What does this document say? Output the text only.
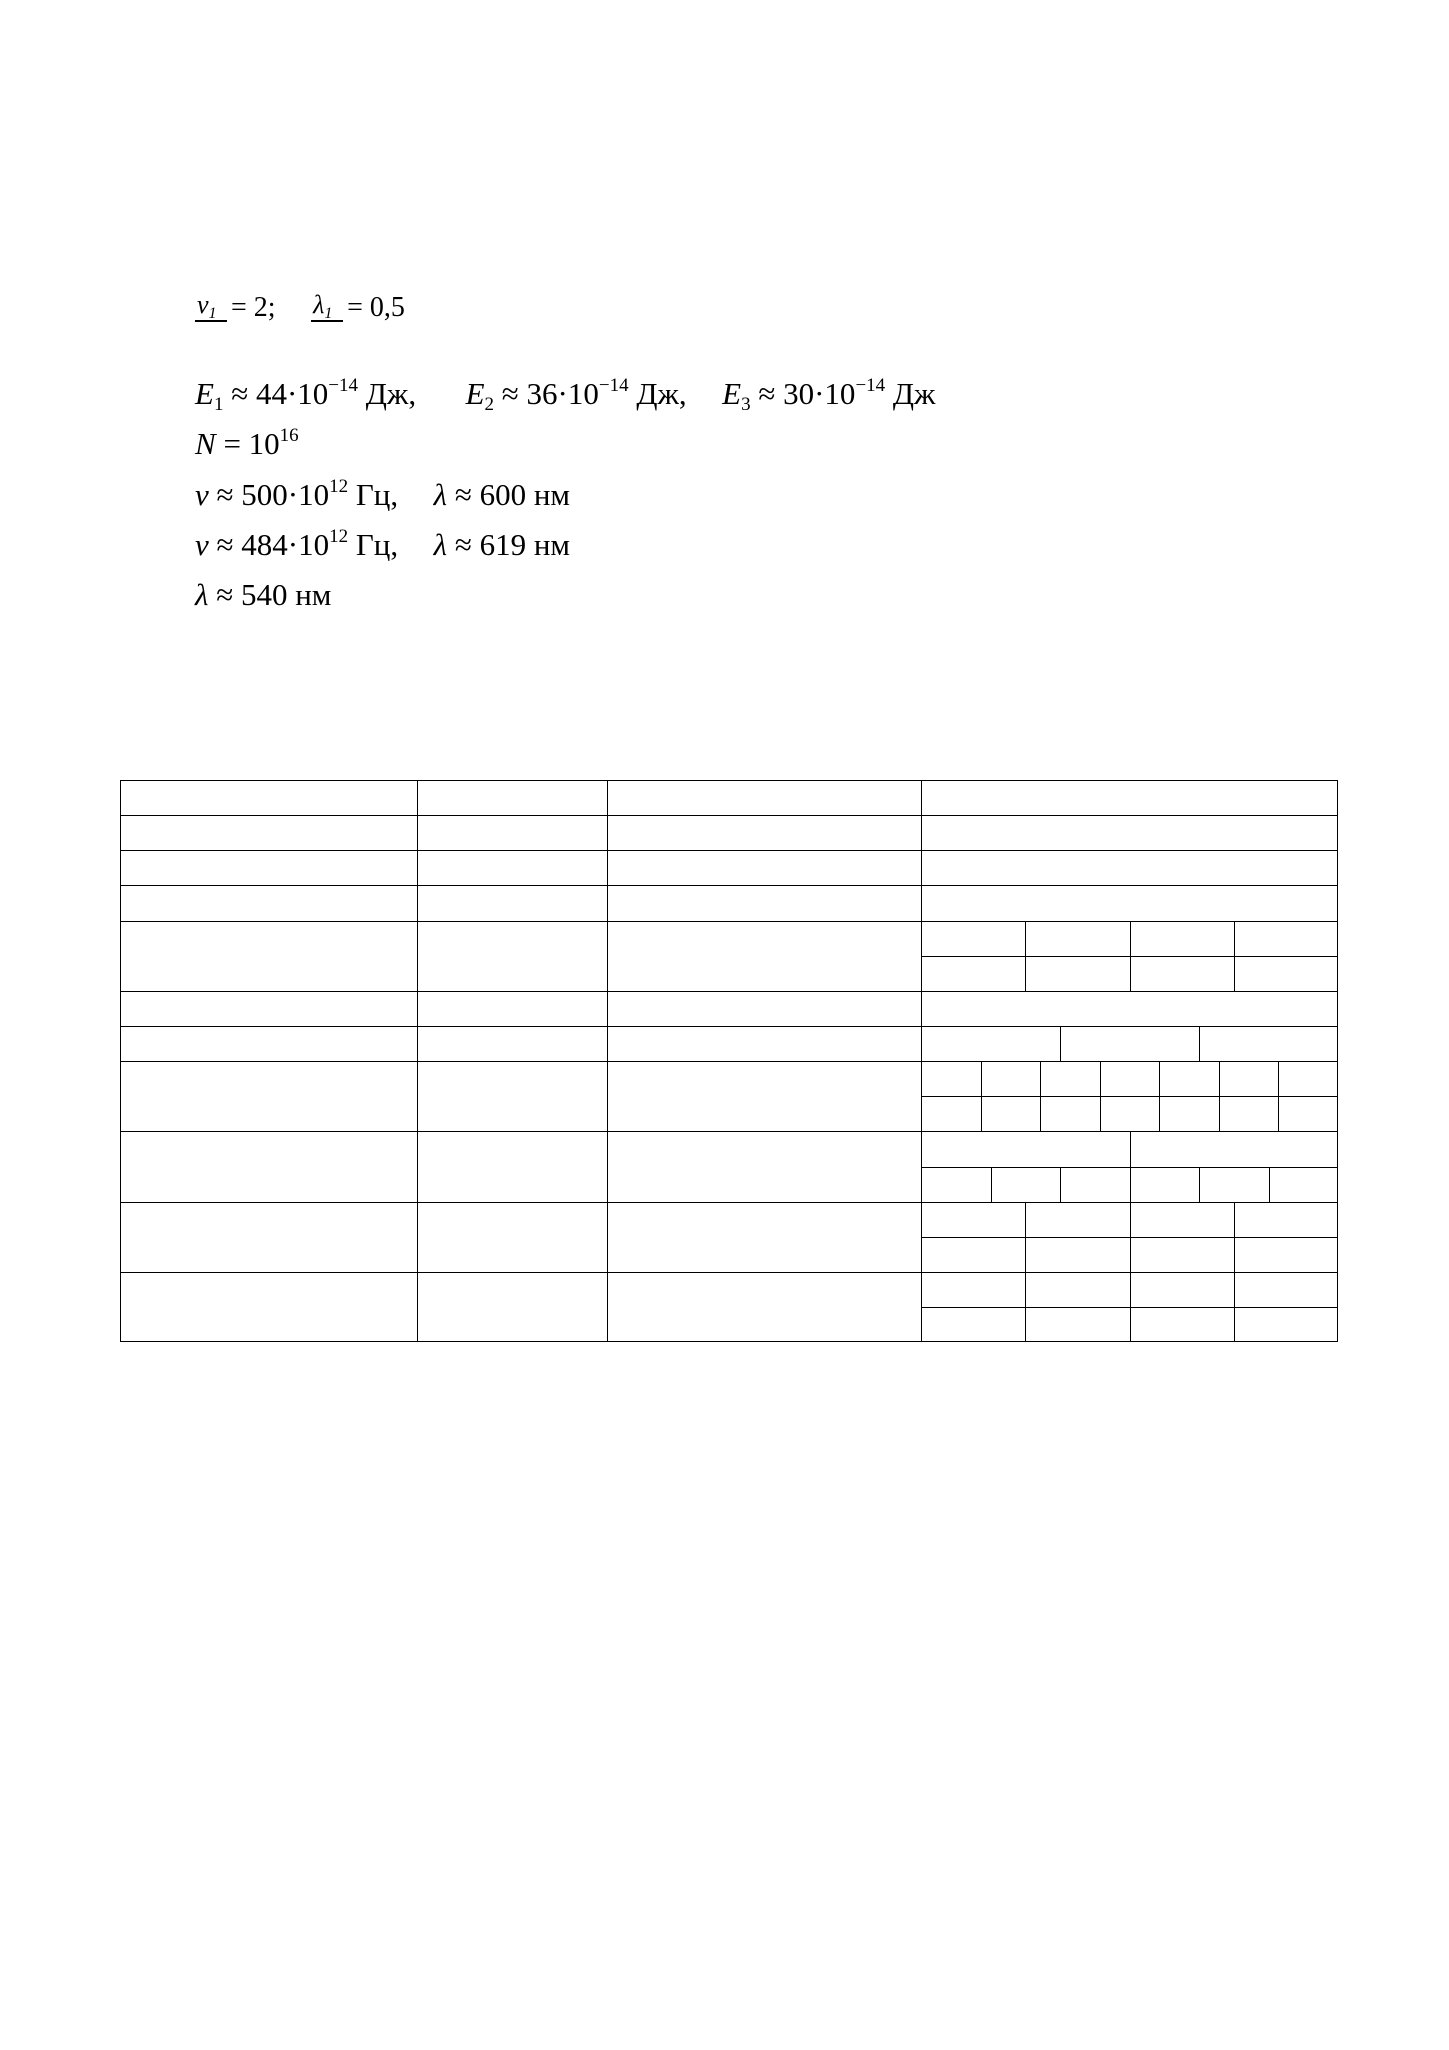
$\nu_1 = 2$;
$\lambda_1 = 0,5$
$E_1 \approx 44\cdot 10^{-14}$ Дж, $E_2 \approx 36\cdot 10^{-14}$ Дж, $E_3 \approx 30\cdot 10^{-14}$ Дж
$N = 10^{16}$
$\nu \approx 500\cdot 10^{12}$ Гц, λ ≈ 600 нм
$\nu \approx 484\cdot 10^{12}$ Гц, λ ≈ 619 нм
λ ≈ 540 нм
